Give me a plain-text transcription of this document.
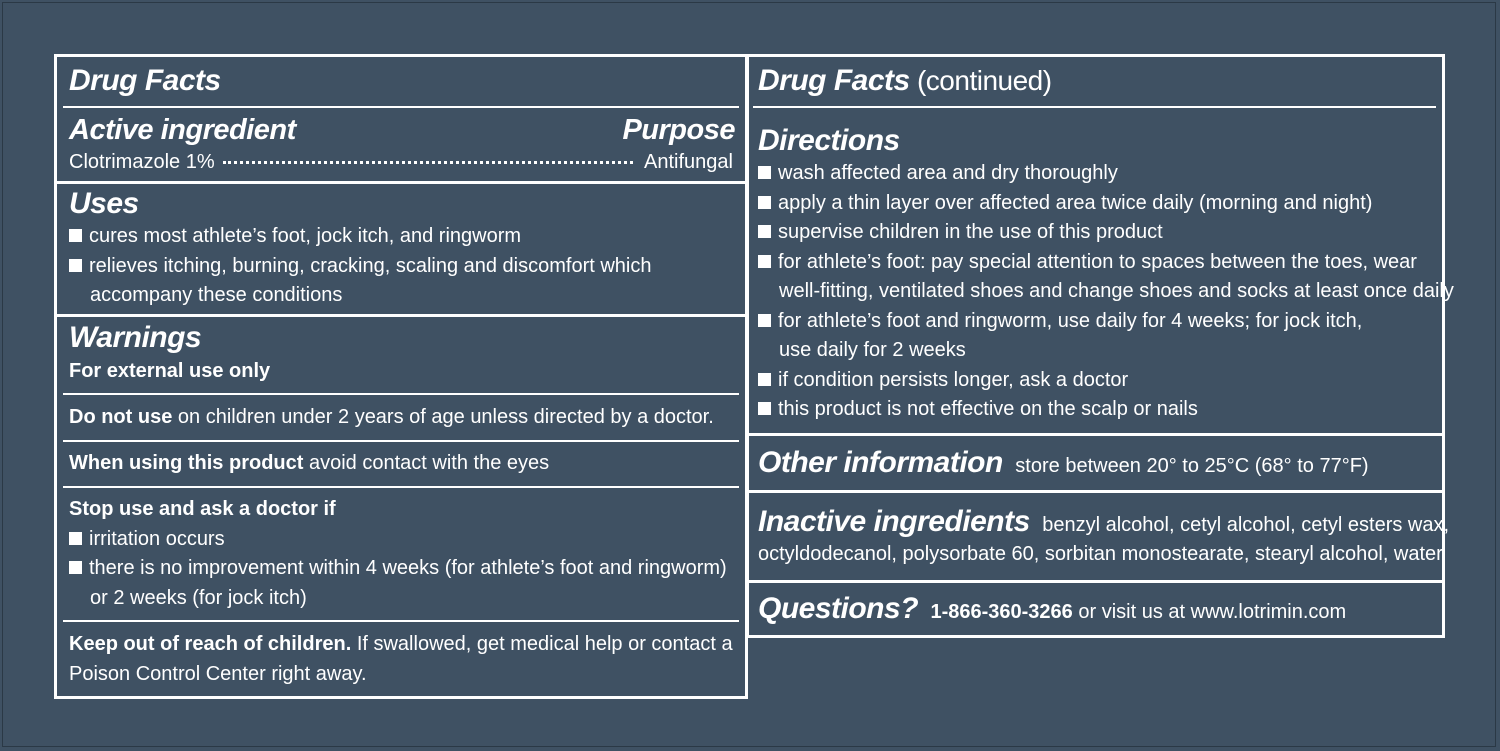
Drug Facts
Active ingredient	Purpose
Clotrimazole 1%	Antifungal
Uses
cures most athlete’s foot, jock itch, and ringworm
relieves itching, burning, cracking, scaling and discomfort which
accompany these conditions
Warnings
For external use only
Do not use on children under 2 years of age unless directed by a doctor.
When using this product avoid contact with the eyes
Stop use and ask a doctor if
irritation occurs
there is no improvement within 4 weeks (for athlete’s foot and ringworm)
or 2 weeks (for jock itch)
Keep out of reach of children. If swallowed, get medical help or contact a
Poison Control Center right away.
Drug Facts (continued)
Directions
wash affected area and dry thoroughly
apply a thin layer over affected area twice daily (morning and night)
supervise children in the use of this product
for athlete’s foot: pay special attention to spaces between the toes, wear
well-fitting, ventilated shoes and change shoes and socks at least once daily
for athlete’s foot and ringworm, use daily for 4 weeks; for jock itch,
use daily for 2 weeks
if condition persists longer, ask a doctor
this product is not effective on the scalp or nails
Other information store between 20° to 25°C (68° to 77°F)
Inactive ingredients benzyl alcohol, cetyl alcohol, cetyl esters wax,
octyldodecanol, polysorbate 60, sorbitan monostearate, stearyl alcohol, water
Questions? 1-866-360-3266 or visit us at www.lotrimin.com
